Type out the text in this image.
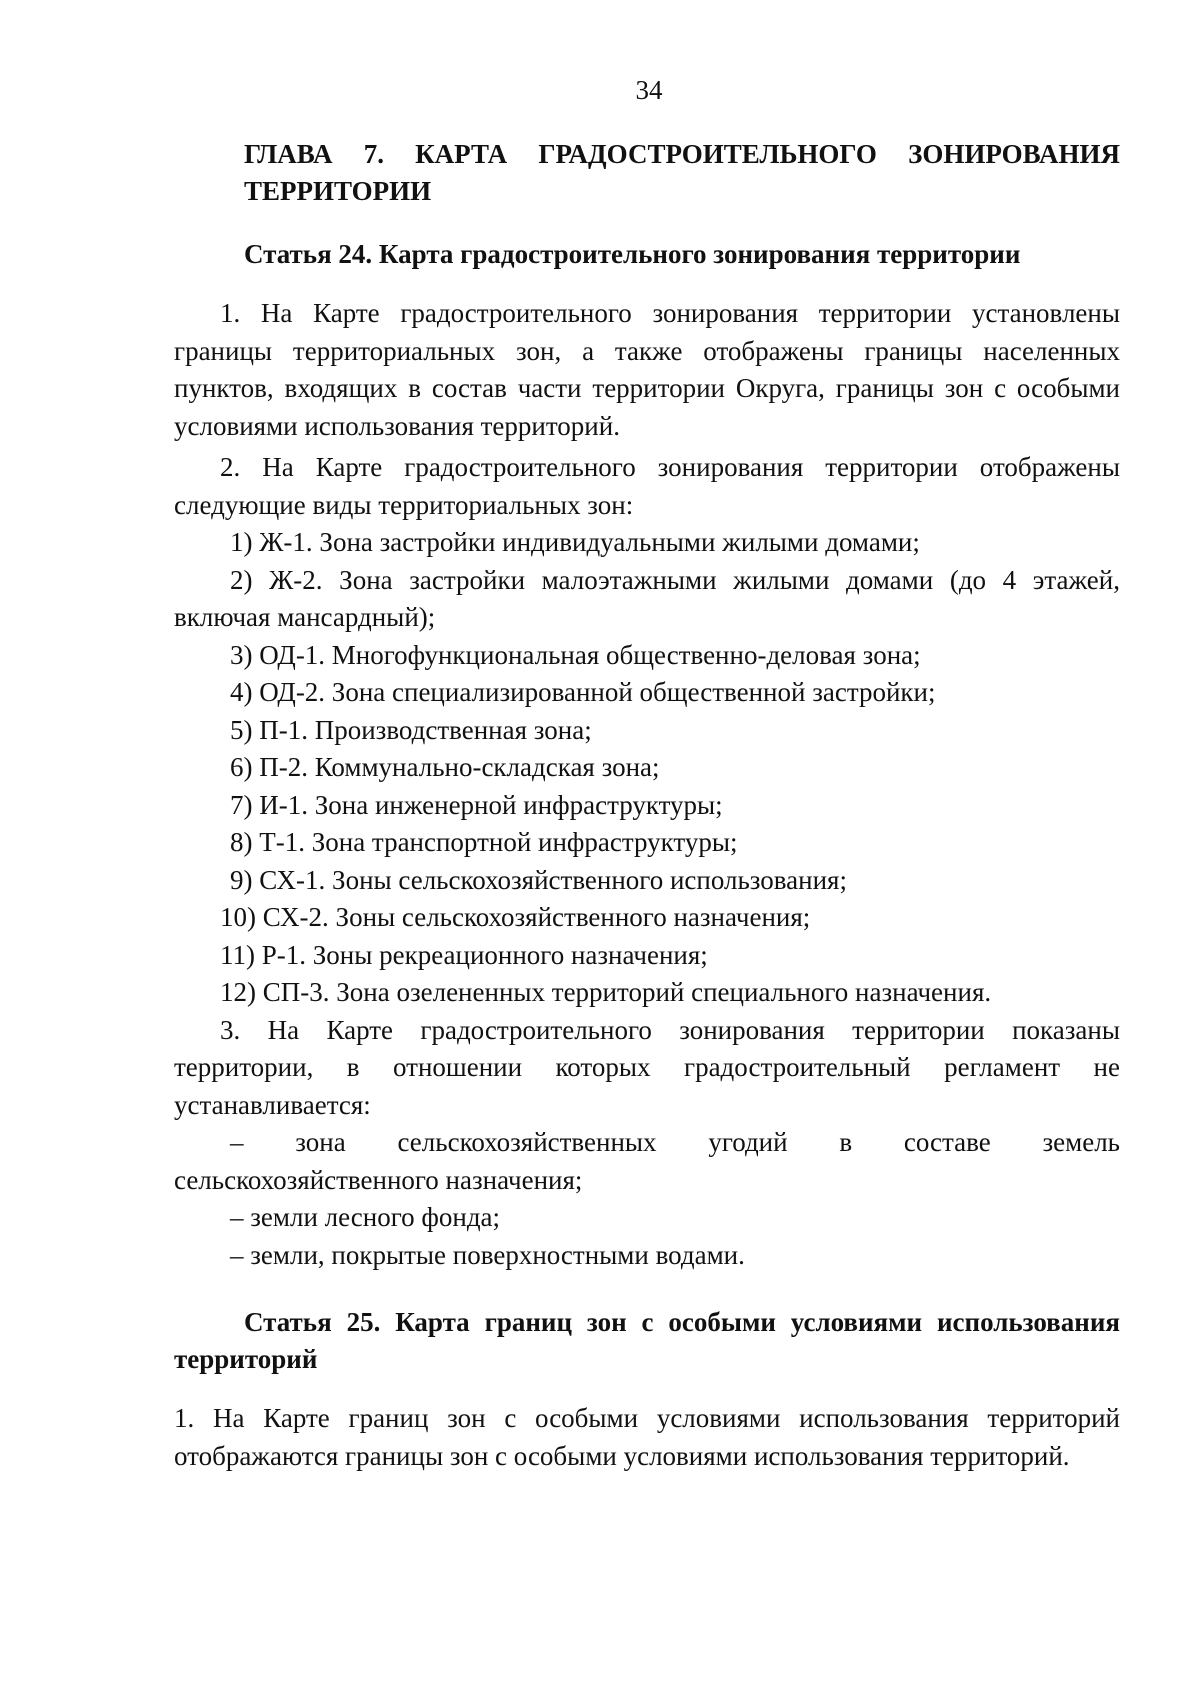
34
ГЛАВА 7. КАРТА ГРАДОСТРОИТЕЛЬНОГО ЗОНИРОВАНИЯ
ТЕРРИТОРИИ
Статья 24. Карта градостроительного зонирования территории

1. На Карте градостроительного зонирования территории установлены границы территориальных зон, а также отображены границы населенных пунктов, входящих в состав части территории Округа, границы зон с особыми условиями использования территорий.

2. На Карте градостроительного зонирования территории отображены следующие виды территориальных зон:

1) Ж-1. Зона застройки индивидуальными жилыми домами;

2) Ж-2. Зона застройки малоэтажными жилыми домами (до 4 этажей, включая мансардный);

3) ОД-1. Многофункциональная общественно-деловая зона;

4) ОД-2. Зона специализированной общественной застройки;

5) П-1. Производственная зона;

6) П-2. Коммунально-складская зона;

7) И-1. Зона инженерной инфраструктуры;

8) Т-1. Зона транспортной инфраструктуры;

9) СХ-1. Зоны сельскохозяйственного использования;

10) СХ-2. Зоны сельскохозяйственного назначения;

11) Р-1. Зоны рекреационного назначения;

12) СП-3. Зона озелененных территорий специального назначения.

3. На Карте градостроительного зонирования территории показаны территории, в отношении которых градостроительный регламент не устанавливается:

– зона сельскохозяйственных угодий в составе земель сельскохозяйственного назначения;

– земли лесного фонда;

– земли, покрытые поверхностными водами.

Статья 25. Карта границ зон с особыми условиями использования
территорий

1. На Карте границ зон с особыми условиями использования территорий отображаются границы зон с особыми условиями использования территорий.
